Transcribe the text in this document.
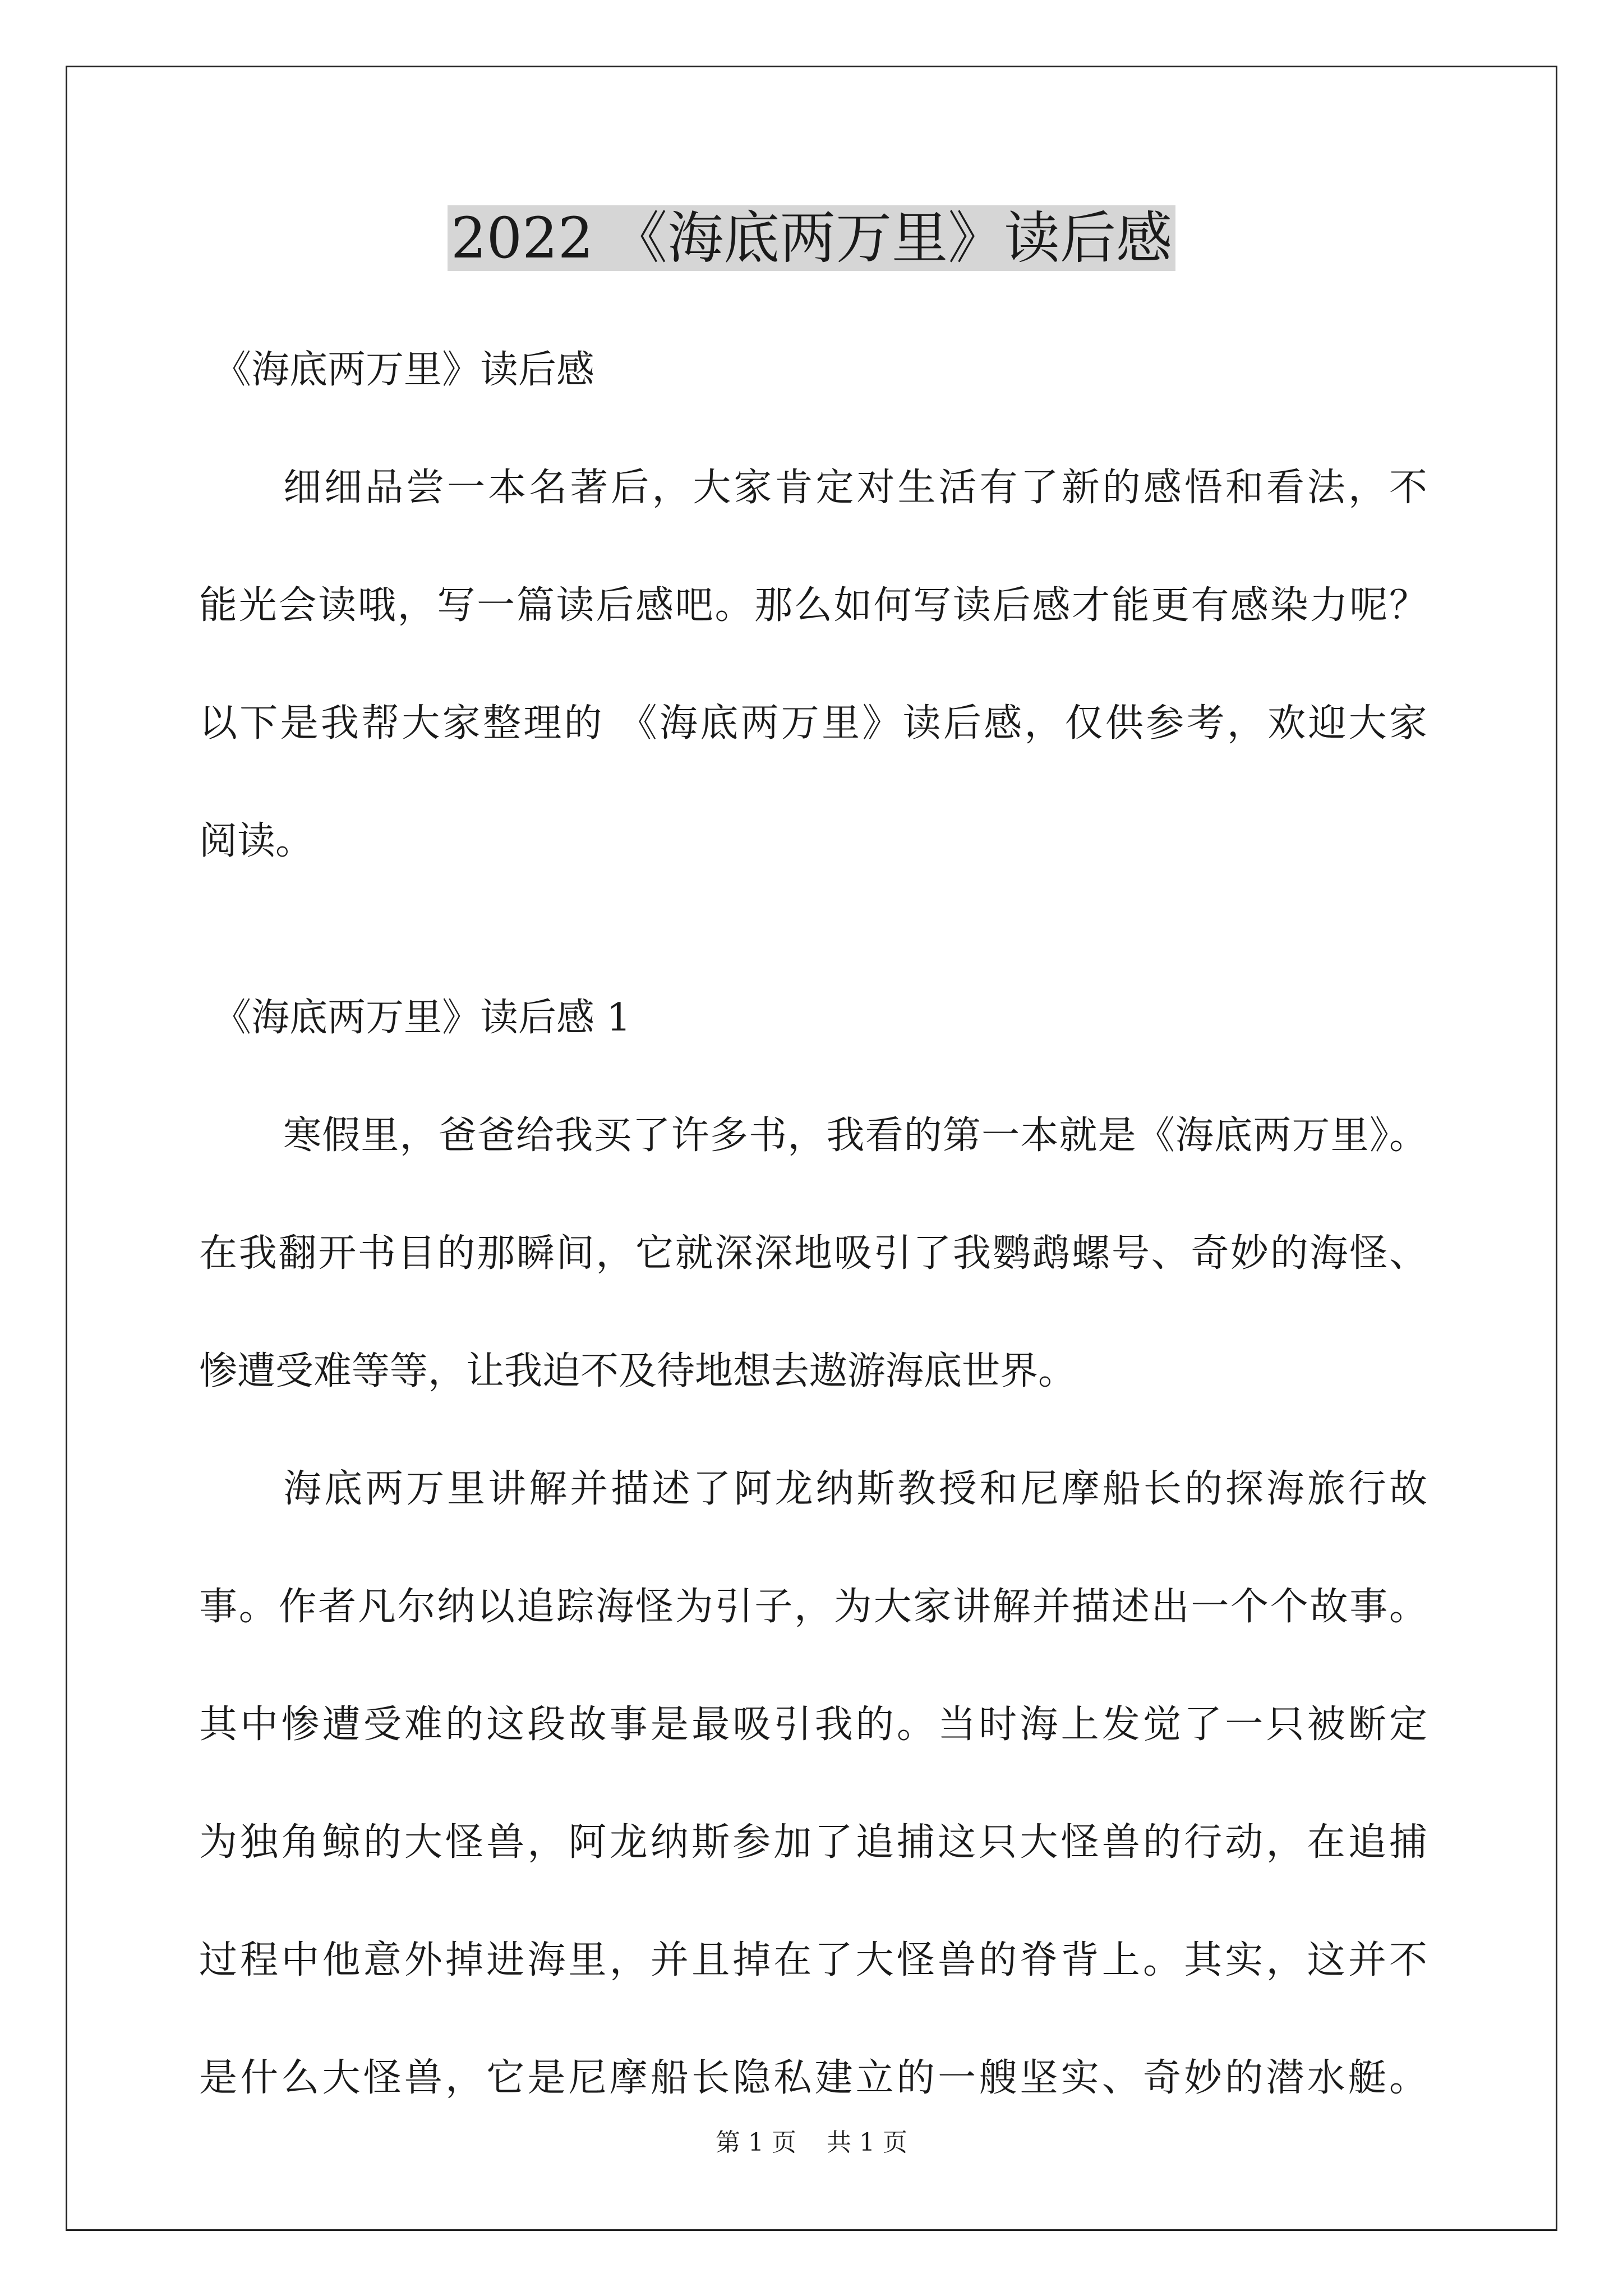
2022 《海底两万里》读后感

《海底两万里》读后感

细细品尝一本名著后，大家肯定对生活有了新的感悟和看法，不

能光会读哦，写一篇读后感吧。那么如何写读后感才能更有感染力呢？

以下是我帮大家整理的 《海底两万里》读后感，仅供参考，欢迎大家

阅读。

《海底两万里》读后感 1

寒假里，爸爸给我买了许多书，我看的第一本就是《海底两万里》。

在我翻开书目的那瞬间，它就深深地吸引了我鹦鹉螺号、奇妙的海怪、

惨遭受难等等，让我迫不及待地想去遨游海底世界。

海底两万里讲解并描述了阿龙纳斯教授和尼摩船长的探海旅行故

事。作者凡尔纳以追踪海怪为引子，为大家讲解并描述出一个个故事。

其中惨遭受难的这段故事是最吸引我的。当时海上发觉了一只被断定

为独角鲸的大怪兽，阿龙纳斯参加了追捕这只大怪兽的行动，在追捕

过程中他意外掉进海里，并且掉在了大怪兽的脊背上。其实，这并不

是什么大怪兽，它是尼摩船长隐私建立的一艘坚实、奇妙的潜水艇。

第 1 页 共 1 页
